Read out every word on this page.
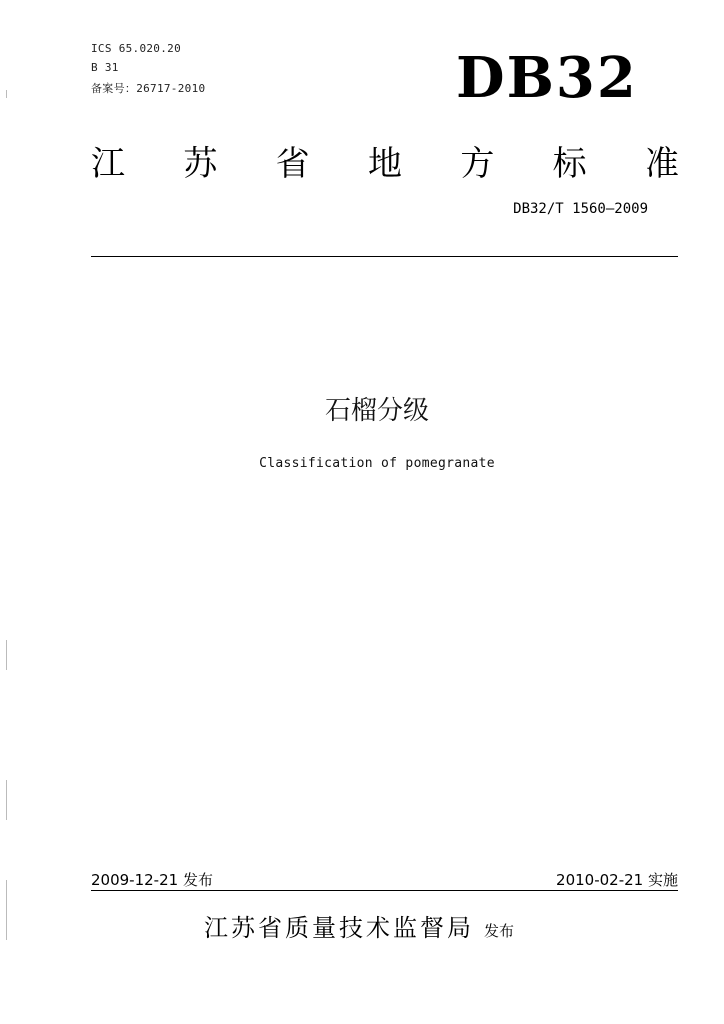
ICS 65.020.20
B 31
备案号：26717-2010	DB32
江 苏 省 地 方 标 准
DB32/T 1560—2009
石榴分级
Classification of pomegranate
2009-12-21 发布	2010-02-21 实施
江苏省质量技术监督局 发布
